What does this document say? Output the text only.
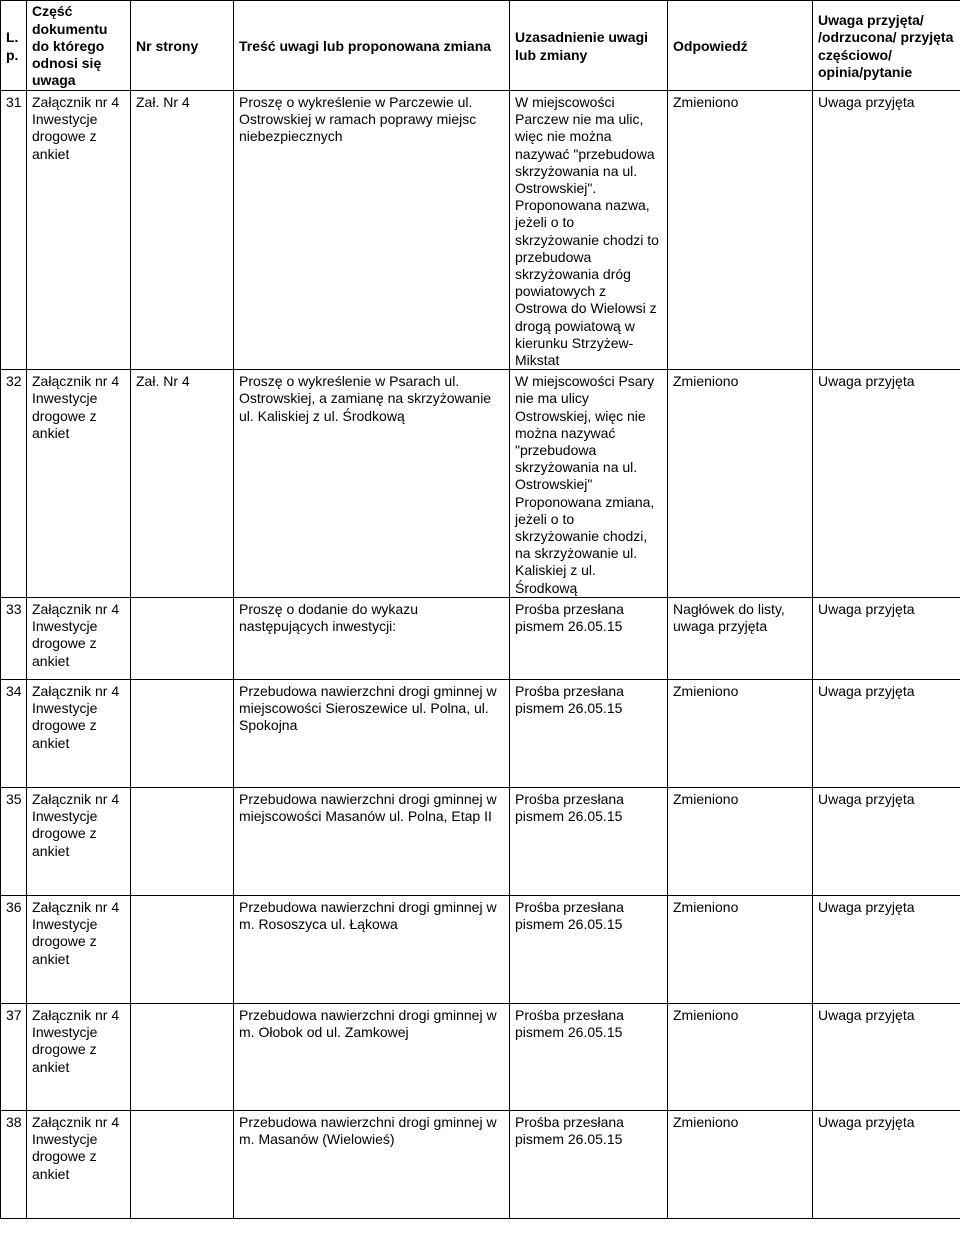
L.p.	Część dokumentu do którego odnosi się uwaga	Nr strony	Treść uwagi lub proponowana zmiana	Uzasadnienie uwagi lub zmiany	Odpowiedź	Uwaga przyjęta/ /odrzucona/ przyjęta częściowo/ opinia/pytanie
31	Załącznik nr 4 Inwestycje drogowe z ankiet	Zał. Nr 4	Proszę o wykreślenie w Parczewie ul. Ostrowskiej w ramach poprawy miejsc niebezpiecznych	W miejscowości Parczew nie ma ulic, więc nie można nazywać "przebudowa skrzyżowania na ul. Ostrowskiej". Proponowana nazwa, jeżeli o to skrzyżowanie chodzi to przebudowa skrzyżowania dróg powiatowych z Ostrowa do Wielowsi z drogą powiatową w kierunku Strzyżew-Mikstat	Zmieniono	Uwaga przyjęta
32	Załącznik nr 4 Inwestycje drogowe z ankiet	Zał. Nr 4	Proszę o wykreślenie w Psarach ul. Ostrowskiej, a zamianę na skrzyżowanie ul. Kaliskiej z ul. Środkową	W miejscowości Psary nie ma ulicy Ostrowskiej, więc nie można nazywać "przebudowa skrzyżowania na ul. Ostrowskiej" Proponowana zmiana, jeżeli o to skrzyżowanie chodzi, na skrzyżowanie ul. Kaliskiej z ul. Środkową	Zmieniono	Uwaga przyjęta
33	Załącznik nr 4 Inwestycje drogowe z ankiet		Proszę o dodanie do wykazu następujących inwestycji:	Prośba przesłana pismem 26.05.15	Nagłówek do listy, uwaga przyjęta	Uwaga przyjęta
34	Załącznik nr 4 Inwestycje drogowe z ankiet		Przebudowa nawierzchni drogi gminnej w miejscowości Sieroszewice ul. Polna, ul. Spokojna	Prośba przesłana pismem 26.05.15	Zmieniono	Uwaga przyjęta
35	Załącznik nr 4 Inwestycje drogowe z ankiet		Przebudowa nawierzchni drogi gminnej w miejscowości Masanów ul. Polna, Etap II	Prośba przesłana pismem 26.05.15	Zmieniono	Uwaga przyjęta
36	Załącznik nr 4 Inwestycje drogowe z ankiet		Przebudowa nawierzchni drogi gminnej w m. Rososzyca ul. Łąkowa	Prośba przesłana pismem 26.05.15	Zmieniono	Uwaga przyjęta
37	Załącznik nr 4 Inwestycje drogowe z ankiet		Przebudowa nawierzchni drogi gminnej w m. Ołobok od ul. Zamkowej	Prośba przesłana pismem 26.05.15	Zmieniono	Uwaga przyjęta
38	Załącznik nr 4 Inwestycje drogowe z ankiet		Przebudowa nawierzchni drogi gminnej w m. Masanów (Wielowieś)	Prośba przesłana pismem 26.05.15	Zmieniono	Uwaga przyjęta
